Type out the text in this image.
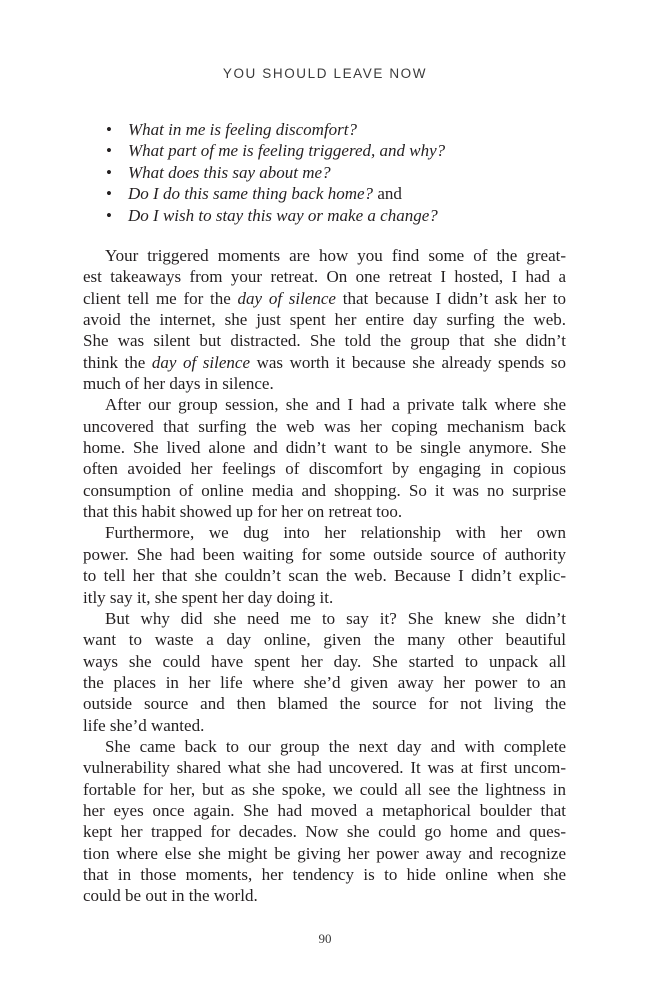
YOU SHOULD LEAVE NOW
• What in me is feeling discomfort?
• What part of me is feeling triggered, and why?
• What does this say about me?
• Do I do this same thing back home? and
• Do I wish to stay this way or make a change?
Your triggered moments are how you find some of the great-
est takeaways from your retreat. On one retreat I hosted, I had a
client tell me for the day of silence that because I didn’t ask her to
avoid the internet, she just spent her entire day surfing the web.
She was silent but distracted. She told the group that she didn’t
think the day of silence was worth it because she already spends so
much of her days in silence.
After our group session, she and I had a private talk where she
uncovered that surfing the web was her coping mechanism back
home. She lived alone and didn’t want to be single anymore. She
often avoided her feelings of discomfort by engaging in copious
consumption of online media and shopping. So it was no surprise
that this habit showed up for her on retreat too.
Furthermore, we dug into her relationship with her own
power. She had been waiting for some outside source of authority
to tell her that she couldn’t scan the web. Because I didn’t explic-
itly say it, she spent her day doing it.
But why did she need me to say it? She knew she didn’t
want to waste a day online, given the many other beautiful
ways she could have spent her day. She started to unpack all
the places in her life where she’d given away her power to an
outside source and then blamed the source for not living the
life she’d wanted.
She came back to our group the next day and with complete
vulnerability shared what she had uncovered. It was at first uncom-
fortable for her, but as she spoke, we could all see the lightness in
her eyes once again. She had moved a metaphorical boulder that
kept her trapped for decades. Now she could go home and ques-
tion where else she might be giving her power away and recognize
that in those moments, her tendency is to hide online when she
could be out in the world.
90
